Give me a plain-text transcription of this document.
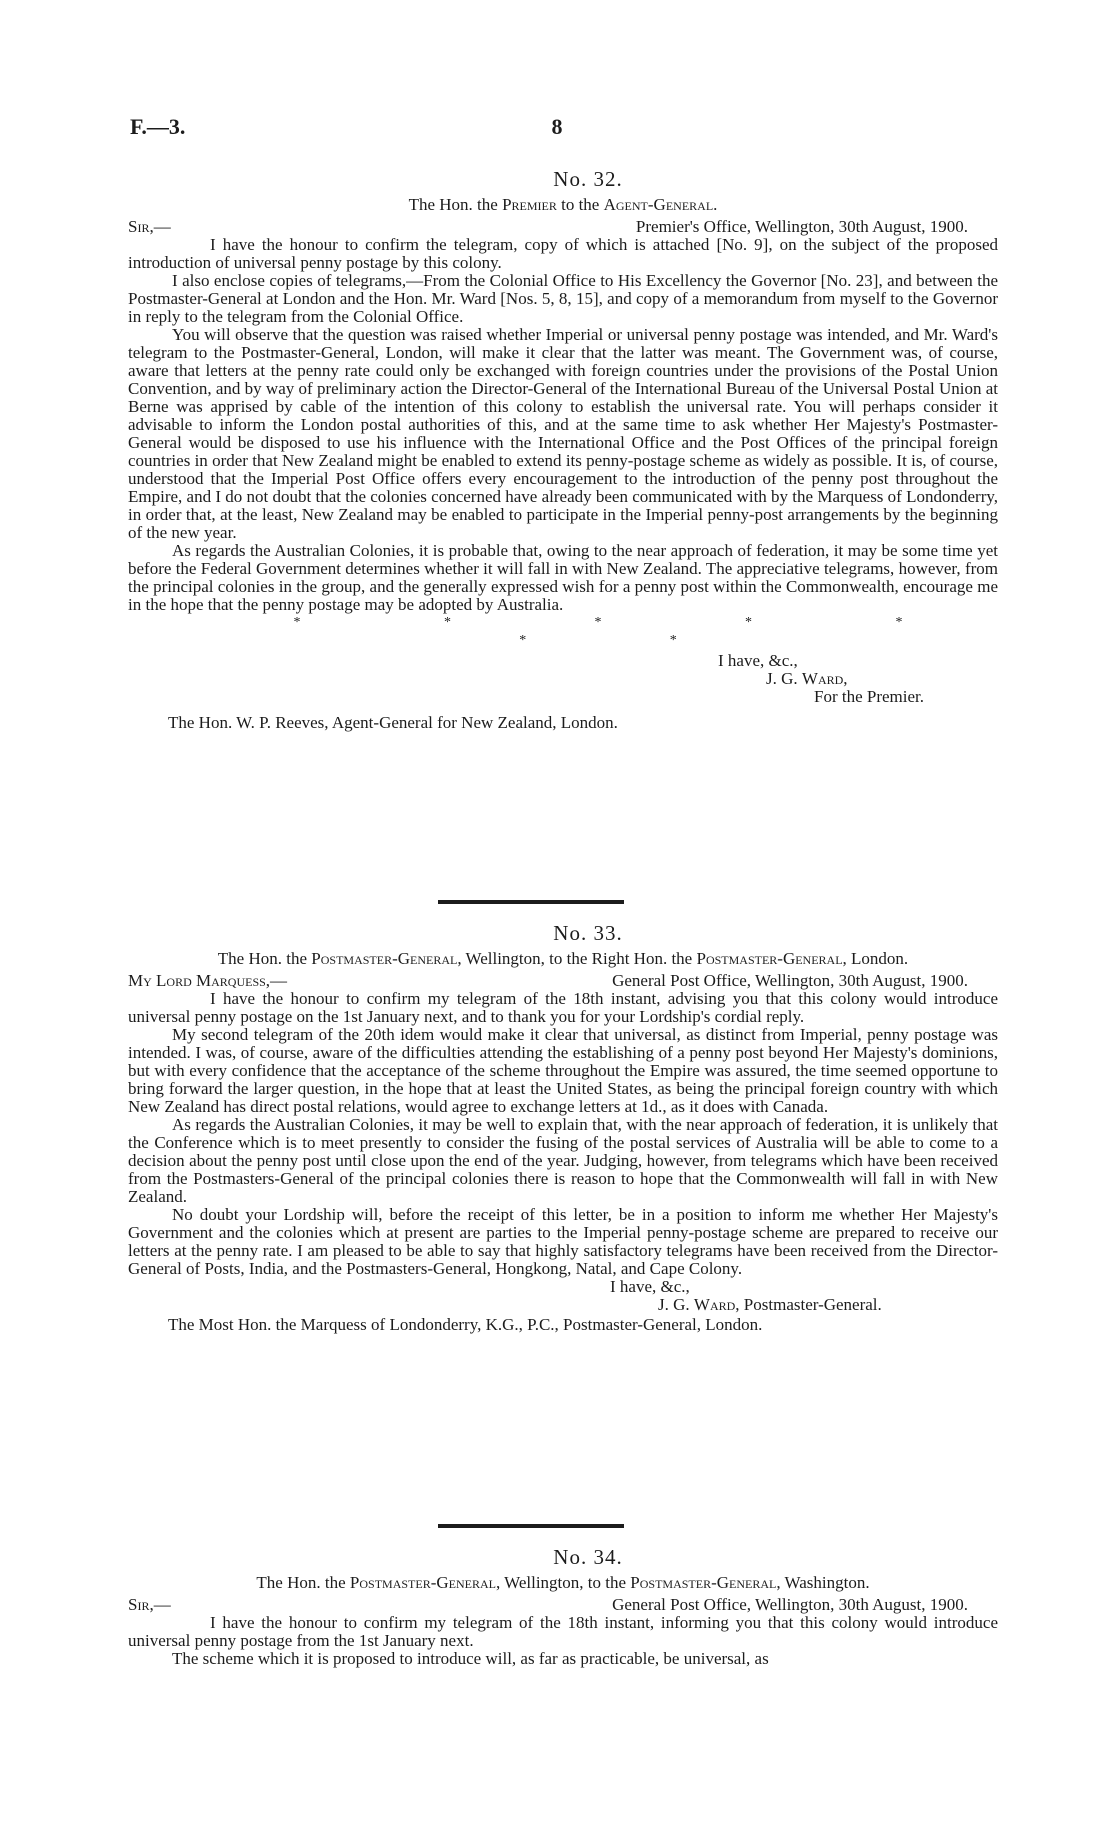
F.—3.	8
No. 32.
The Hon. the Premier to the Agent-General.
Sir,—	Premier's Office, Wellington, 30th August, 1900.

I have the honour to confirm the telegram, copy of which is attached [No. 9], on the subject of the proposed introduction of universal penny postage by this colony.

I also enclose copies of telegrams,—From the Colonial Office to His Excellency the Governor [No. 23], and between the Postmaster-General at London and the Hon. Mr. Ward [Nos. 5, 8, 15], and copy of a memorandum from myself to the Governor in reply to the telegram from the Colonial Office.

You will observe that the question was raised whether Imperial or universal penny postage was intended, and Mr. Ward's telegram to the Postmaster-General, London, will make it clear that the latter was meant. The Government was, of course, aware that letters at the penny rate could only be exchanged with foreign countries under the provisions of the Postal Union Convention, and by way of preliminary action the Director-General of the International Bureau of the Universal Postal Union at Berne was apprised by cable of the intention of this colony to establish the universal rate. You will perhaps consider it advisable to inform the London postal authorities of this, and at the same time to ask whether Her Majesty's Postmaster-General would be disposed to use his influence with the International Office and the Post Offices of the principal foreign countries in order that New Zealand might be enabled to extend its penny-postage scheme as widely as possible. It is, of course, understood that the Imperial Post Office offers every encouragement to the introduction of the penny post throughout the Empire, and I do not doubt that the colonies concerned have already been communicated with by the Marquess of Londonderry, in order that, at the least, New Zealand may be enabled to participate in the Imperial penny-post arrangements by the beginning of the new year.

As regards the Australian Colonies, it is probable that, owing to the near approach of federation, it may be some time yet before the Federal Government determines whether it will fall in with New Zealand. The appreciative telegrams, however, from the principal colonies in the group, and the generally expressed wish for a penny post within the Commonwealth, encourage me in the hope that the penny postage may be adopted by Australia.

* * * * * * *
I have, &c.,
J. G. Ward,
For the Premier.
The Hon. W. P. Reeves, Agent-General for New Zealand, London.
No. 33.
The Hon. the Postmaster-General, Wellington, to the Right Hon. the Postmaster-General, London.
My Lord Marquess,—	General Post Office, Wellington, 30th August, 1900.

I have the honour to confirm my telegram of the 18th instant, advising you that this colony would introduce universal penny postage on the 1st January next, and to thank you for your Lordship's cordial reply.

My second telegram of the 20th idem would make it clear that universal, as distinct from Imperial, penny postage was intended. I was, of course, aware of the difficulties attending the establishing of a penny post beyond Her Majesty's dominions, but with every confidence that the acceptance of the scheme throughout the Empire was assured, the time seemed opportune to bring forward the larger question, in the hope that at least the United States, as being the principal foreign country with which New Zealand has direct postal relations, would agree to exchange letters at 1d., as it does with Canada.

As regards the Australian Colonies, it may be well to explain that, with the near approach of federation, it is unlikely that the Conference which is to meet presently to consider the fusing of the postal services of Australia will be able to come to a decision about the penny post until close upon the end of the year. Judging, however, from telegrams which have been received from the Postmasters-General of the principal colonies there is reason to hope that the Commonwealth will fall in with New Zealand.

No doubt your Lordship will, before the receipt of this letter, be in a position to inform me whether Her Majesty's Government and the colonies which at present are parties to the Imperial penny-postage scheme are prepared to receive our letters at the penny rate. I am pleased to be able to say that highly satisfactory telegrams have been received from the Director-General of Posts, India, and the Postmasters-General, Hongkong, Natal, and Cape Colony.

I have, &c.,
J. G. Ward, Postmaster-General.
The Most Hon. the Marquess of Londonderry, K.G., P.C., Postmaster-General, London.
No. 34.
The Hon. the Postmaster-General, Wellington, to the Postmaster-General, Washington.
Sir,—	General Post Office, Wellington, 30th August, 1900.

I have the honour to confirm my telegram of the 18th instant, informing you that this colony would introduce universal penny postage from the 1st January next.

The scheme which it is proposed to introduce will, as far as practicable, be universal, as
